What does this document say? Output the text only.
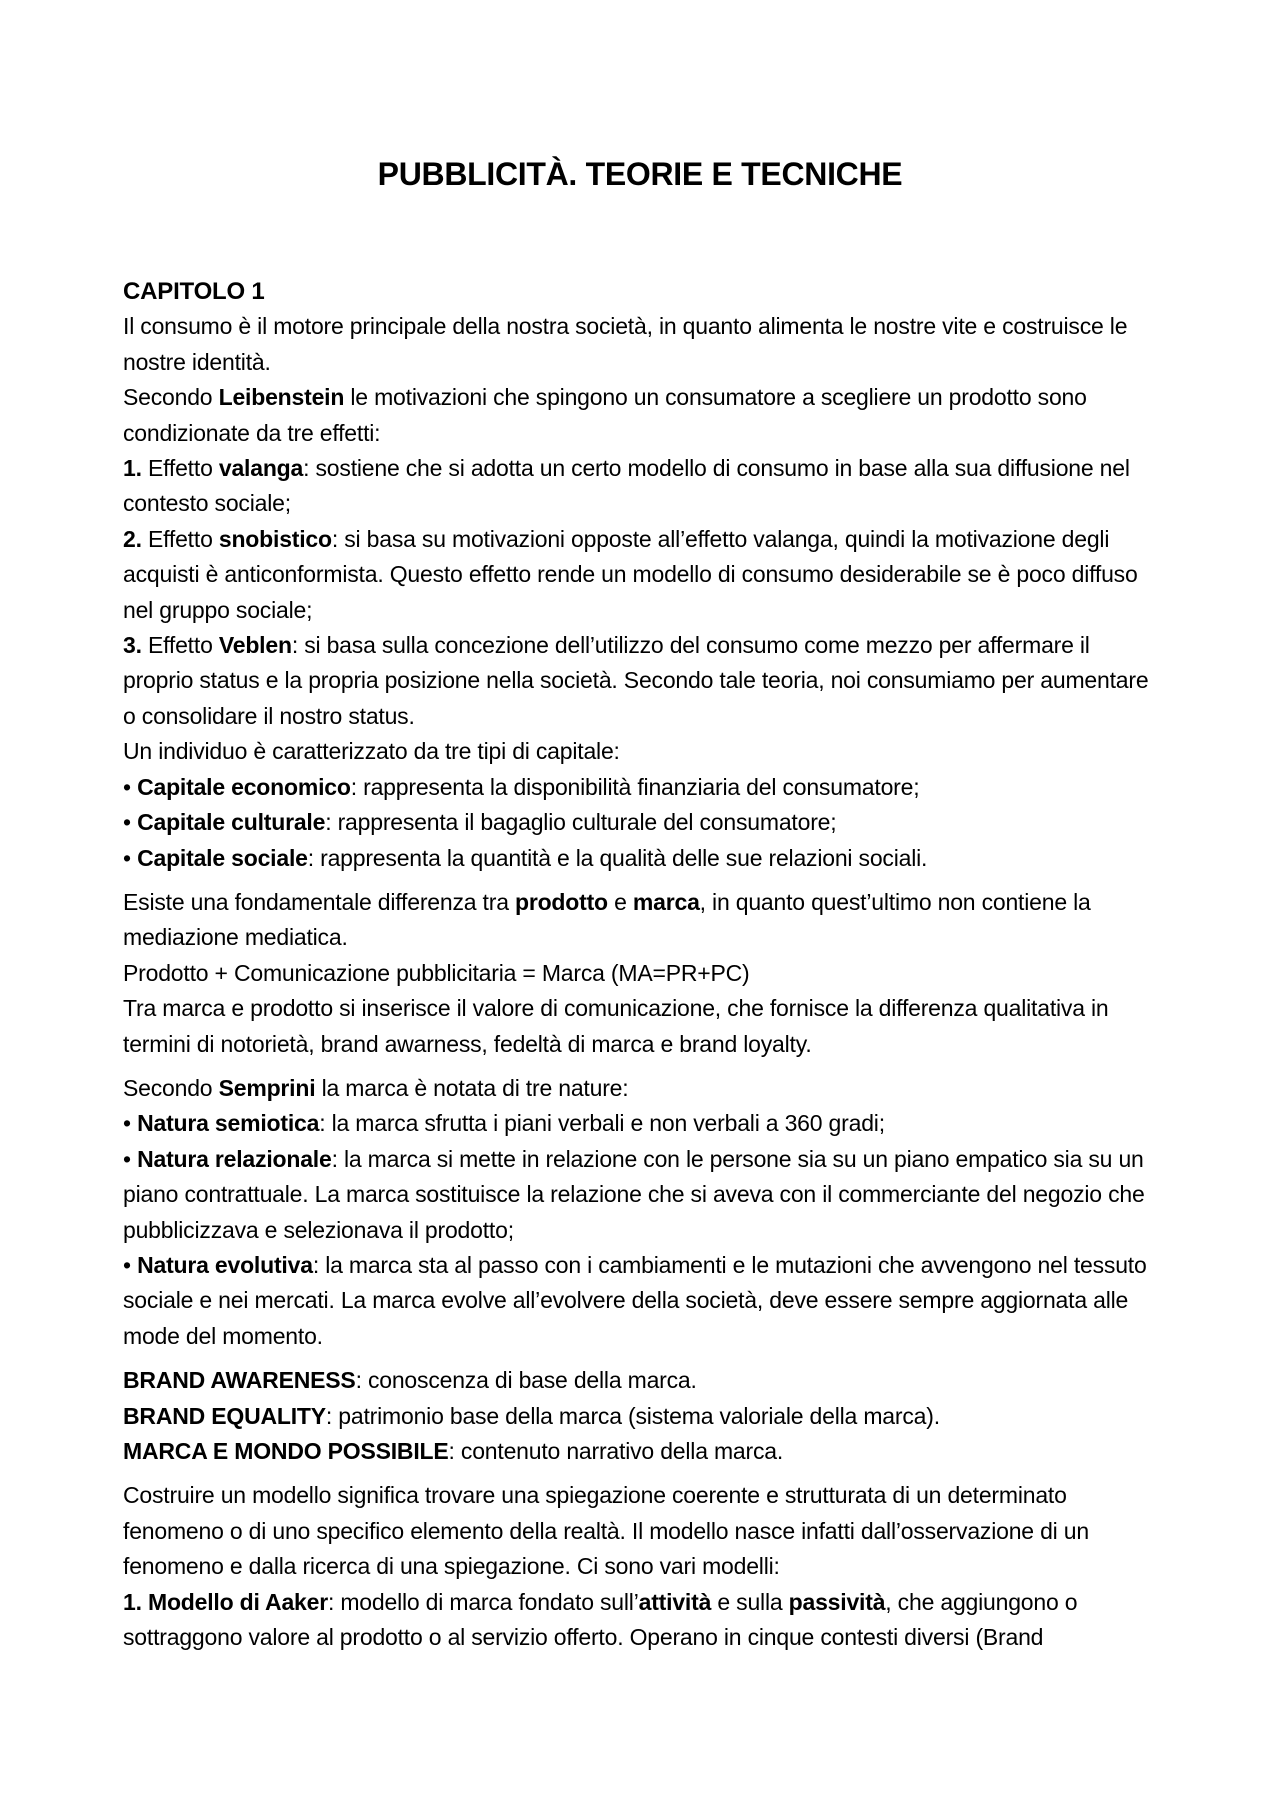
PUBBLICITÀ. TEORIE E TECNICHE

CAPITOLO 1

Il consumo è il motore principale della nostra società, in quanto alimenta le nostre vite e costruisce le nostre identità.

Secondo Leibenstein le motivazioni che spingono un consumatore a scegliere un prodotto sono condizionate da tre effetti:

1. Effetto valanga: sostiene che si adotta un certo modello di consumo in base alla sua diffusione nel contesto sociale;

2. Effetto snobistico: si basa su motivazioni opposte all’effetto valanga, quindi la motivazione degli acquisti è anticonformista. Questo effetto rende un modello di consumo desiderabile se è poco diffuso nel gruppo sociale;

3. Effetto Veblen: si basa sulla concezione dell’utilizzo del consumo come mezzo per affermare il proprio status e la propria posizione nella società. Secondo tale teoria, noi consumiamo per aumentare o consolidare il nostro status.

Un individuo è caratterizzato da tre tipi di capitale:

• Capitale economico: rappresenta la disponibilità finanziaria del consumatore;

• Capitale culturale: rappresenta il bagaglio culturale del consumatore;

• Capitale sociale: rappresenta la quantità e la qualità delle sue relazioni sociali.

Esiste una fondamentale differenza tra prodotto e marca, in quanto quest’ultimo non contiene la mediazione mediatica.

Prodotto + Comunicazione pubblicitaria = Marca (MA=PR+PC)

Tra marca e prodotto si inserisce il valore di comunicazione, che fornisce la differenza qualitativa in termini di notorietà, brand awarness, fedeltà di marca e brand loyalty.

Secondo Semprini la marca è notata di tre nature:

• Natura semiotica: la marca sfrutta i piani verbali e non verbali a 360 gradi;

• Natura relazionale: la marca si mette in relazione con le persone sia su un piano empatico sia su un piano contrattuale. La marca sostituisce la relazione che si aveva con il commerciante del negozio che pubblicizzava e selezionava il prodotto;

• Natura evolutiva: la marca sta al passo con i cambiamenti e le mutazioni che avvengono nel tessuto sociale e nei mercati. La marca evolve all’evolvere della società, deve essere sempre aggiornata alle mode del momento.

BRAND AWARENESS: conoscenza di base della marca.

BRAND EQUALITY: patrimonio base della marca (sistema valoriale della marca).

MARCA E MONDO POSSIBILE: contenuto narrativo della marca.

Costruire un modello significa trovare una spiegazione coerente e strutturata di un determinato fenomeno o di uno specifico elemento della realtà. Il modello nasce infatti dall’osservazione di un fenomeno e dalla ricerca di una spiegazione. Ci sono vari modelli:

1. Modello di Aaker: modello di marca fondato sull’attività e sulla passività, che aggiungono o sottraggono valore al prodotto o al servizio offerto. Operano in cinque contesti diversi (Brand
